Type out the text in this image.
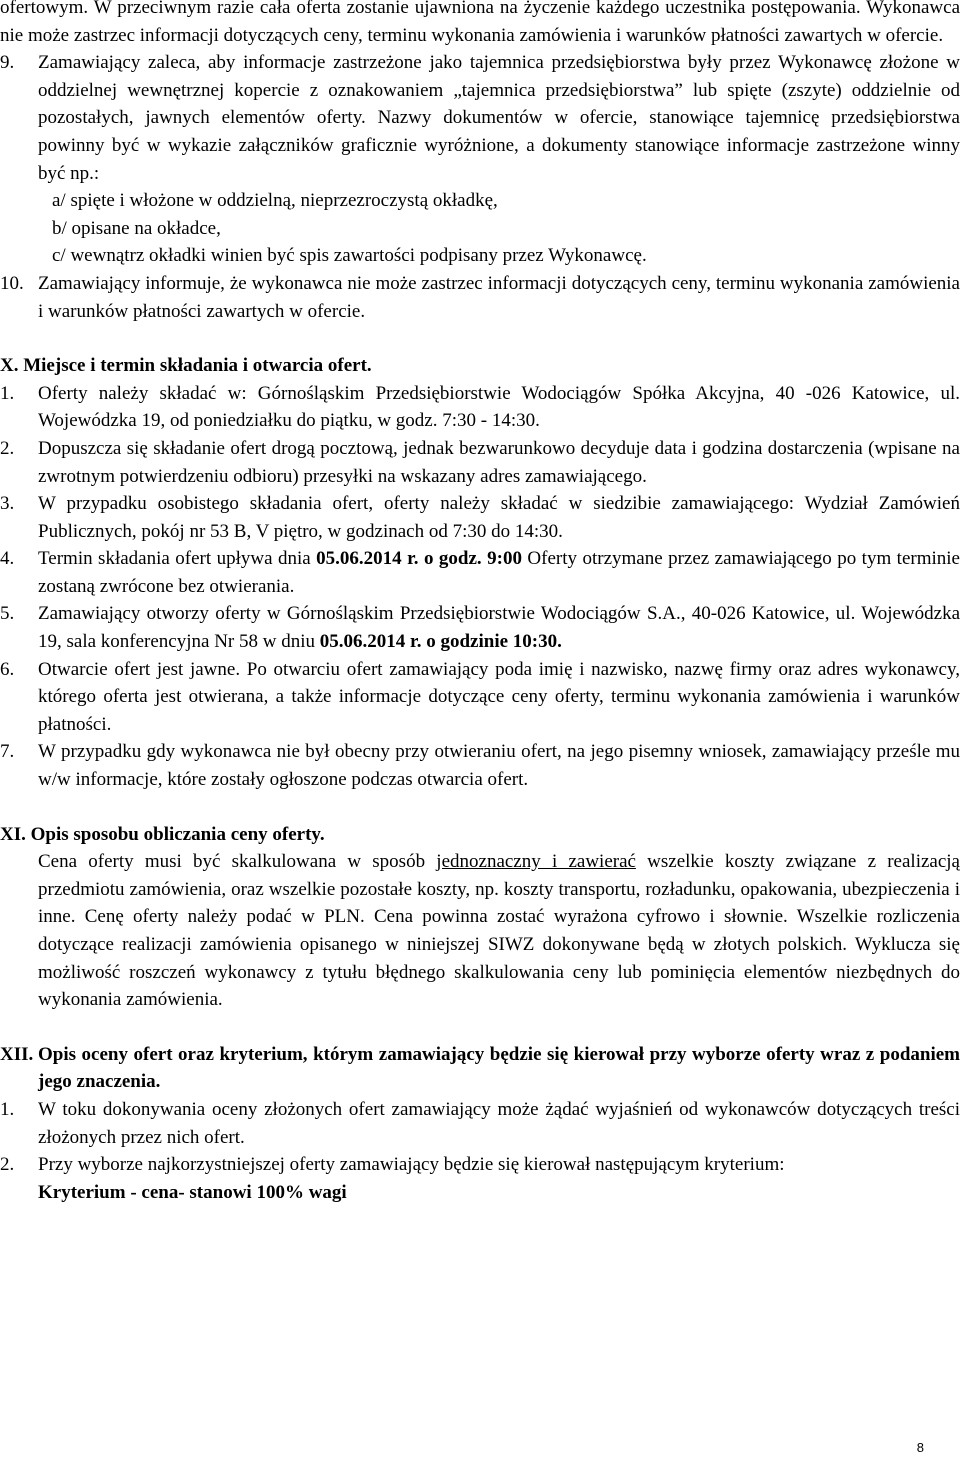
ofertowym. W przeciwnym razie cała oferta zostanie ujawniona na życzenie każdego uczestnika postępowania. Wykonawca nie może zastrzec informacji dotyczących ceny, terminu wykonania zamówienia i warunków płatności zawartych w ofercie.

9. Zamawiający zaleca, aby informacje zastrzeżone jako tajemnica przedsiębiorstwa były przez Wykonawcę złożone w oddzielnej wewnętrznej kopercie z oznakowaniem „tajemnica przedsiębiorstwa” lub spięte (zszyte) oddzielnie od pozostałych, jawnych elementów oferty. Nazwy dokumentów w ofercie, stanowiące tajemnicę przedsiębiorstwa powinny być w wykazie załączników graficznie wyróżnione, a dokumenty stanowiące informacje zastrzeżone winny być np.:
a/ spięte i włożone w oddzielną, nieprzezroczystą okładkę,
b/ opisane na okładce,
c/ wewnątrz okładki winien być spis zawartości podpisany przez Wykonawcę.
10. Zamawiający informuje, że wykonawca nie może zastrzec informacji dotyczących ceny, terminu wykonania zamówienia i warunków płatności zawartych w ofercie.

X. Miejsce i termin składania i otwarcia ofert.

1. Oferty należy składać w: Górnośląskim Przedsiębiorstwie Wodociągów Spółka Akcyjna, 40 -026 Katowice, ul. Wojewódzka 19, od poniedziałku do piątku, w godz. 7:30 - 14:30.
2. Dopuszcza się składanie ofert drogą pocztową, jednak bezwarunkowo decyduje data i godzina dostarczenia (wpisane na zwrotnym potwierdzeniu odbioru) przesyłki na wskazany adres zamawiającego.
3. W przypadku osobistego składania ofert, oferty należy składać w siedzibie zamawiającego: Wydział Zamówień Publicznych, pokój nr 53 B, V piętro, w godzinach od 7:30 do 14:30.
4. Termin składania ofert upływa dnia 05.06.2014 r. o godz. 9:00 Oferty otrzymane przez zamawiającego po tym terminie zostaną zwrócone bez otwierania.
5. Zamawiający otworzy oferty w Górnośląskim Przedsiębiorstwie Wodociągów S.A., 40-026 Katowice, ul. Wojewódzka 19, sala konferencyjna Nr 58 w dniu 05.06.2014 r. o godzinie 10:30.
6. Otwarcie ofert jest jawne. Po otwarciu ofert zamawiający poda imię i nazwisko, nazwę firmy oraz adres wykonawcy, którego oferta jest otwierana, a także informacje dotyczące ceny oferty, terminu wykonania zamówienia i warunków płatności.
7. W przypadku gdy wykonawca nie był obecny przy otwieraniu ofert, na jego pisemny wniosek, zamawiający prześle mu w/w informacje, które zostały ogłoszone podczas otwarcia ofert.

XI. Opis sposobu obliczania ceny oferty.

Cena oferty musi być skalkulowana w sposób jednoznaczny i zawierać wszelkie koszty związane z realizacją przedmiotu zamówienia, oraz wszelkie pozostałe koszty, np. koszty transportu, rozładunku, opakowania, ubezpieczenia i inne. Cenę oferty należy podać w PLN. Cena powinna zostać wyrażona cyfrowo i słownie. Wszelkie rozliczenia dotyczące realizacji zamówienia opisanego w niniejszej SIWZ dokonywane będą w złotych polskich. Wyklucza się możliwość roszczeń wykonawcy z tytułu błędnego skalkulowania ceny lub pominięcia elementów niezbędnych do wykonania zamówienia.
XII. Opis oceny ofert oraz kryterium, którym zamawiający będzie się kierował przy wyborze oferty wraz z podaniem jego znaczenia.
1. W toku dokonywania oceny złożonych ofert zamawiający może żądać wyjaśnień od wykonawców dotyczących treści złożonych przez nich ofert.
2. Przy wyborze najkorzystniejszej oferty zamawiający będzie się kierował następującym kryterium:
Kryterium - cena- stanowi 100% wagi
8
